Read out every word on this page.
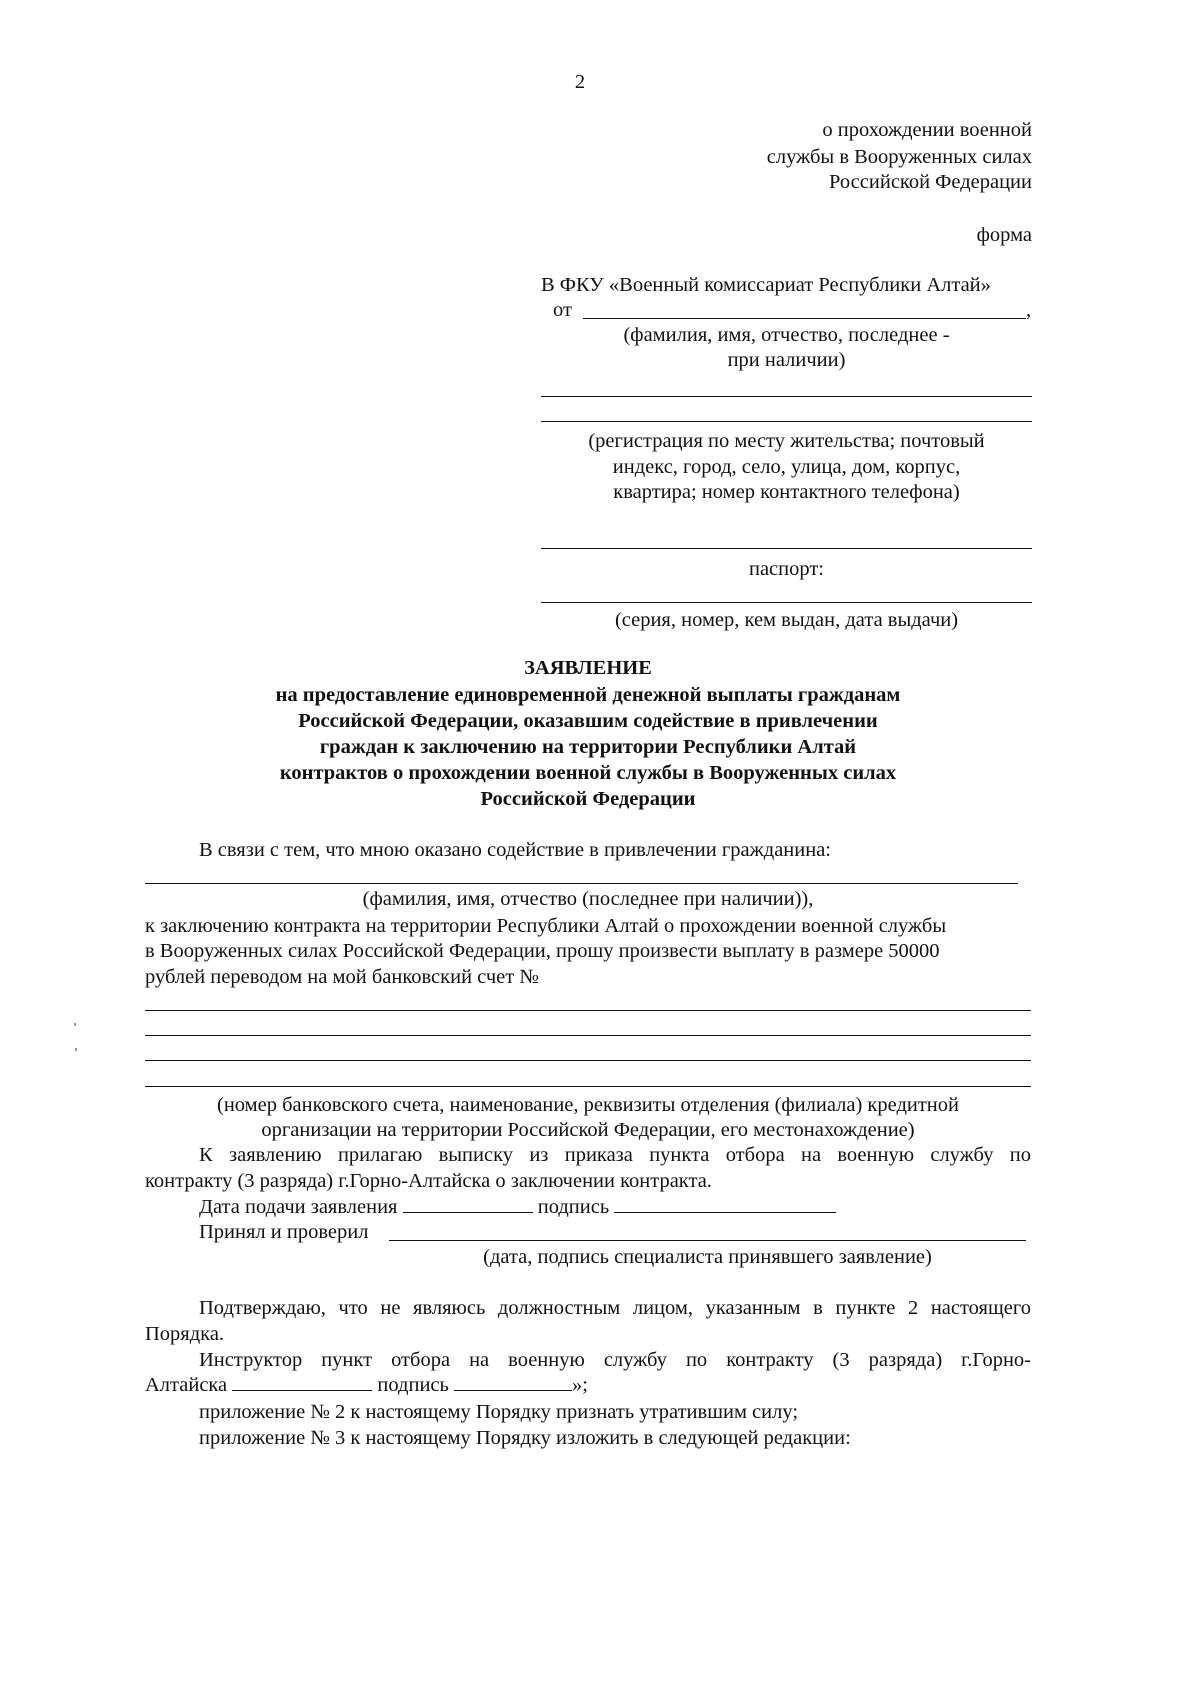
2
о прохождении военной
службы в Вооруженных силах
Российской Федерации
форма
В ФКУ «Военный комиссариат Республики Алтай»
от	,
(фамилия, имя, отчество, последнее -
при наличии)
(регистрация по месту жительства; почтовый
индекс, город, село, улица, дом, корпус,
квартира; номер контактного телефона)
паспорт:
(серия, номер, кем выдан, дата выдачи)
ЗАЯВЛЕНИЕ
на предоставление единовременной денежной выплаты гражданам
Российской Федерации, оказавшим содействие в привлечении
граждан к заключению на территории Республики Алтай
контрактов о прохождении военной службы в Вооруженных силах
Российской Федерации
В связи с тем, что мною оказано содействие в привлечении гражданина:
(фамилия, имя, отчество (последнее при наличии)),
к заключению контракта на территории Республики Алтай о прохождении военной службы
в Вооруженных силах Российской Федерации, прошу произвести выплату в размере 50000
рублей переводом на мой банковский счет №
(номер банковского счета, наименование, реквизиты отделения (филиала) кредитной
организации на территории Российской Федерации, его местонахождение)
К заявлению прилагаю выписку из приказа пункта отбора на военную службу по
контракту (3 разряда) г.Горно-Алтайска о заключении контракта.
Дата подачи заявления	подпись
Принял и проверил
(дата, подпись специалиста принявшего заявление)
Подтверждаю, что не являюсь должностным лицом, указанным в пункте 2 настоящего
Порядка.
Инструктор пункт отбора на военную службу по контракту (3 разряда) г.Горно-
Алтайска	подпись	»;
приложение № 2 к настоящему Порядку признать утратившим силу;
приложение № 3 к настоящему Порядку изложить в следующей редакции:
